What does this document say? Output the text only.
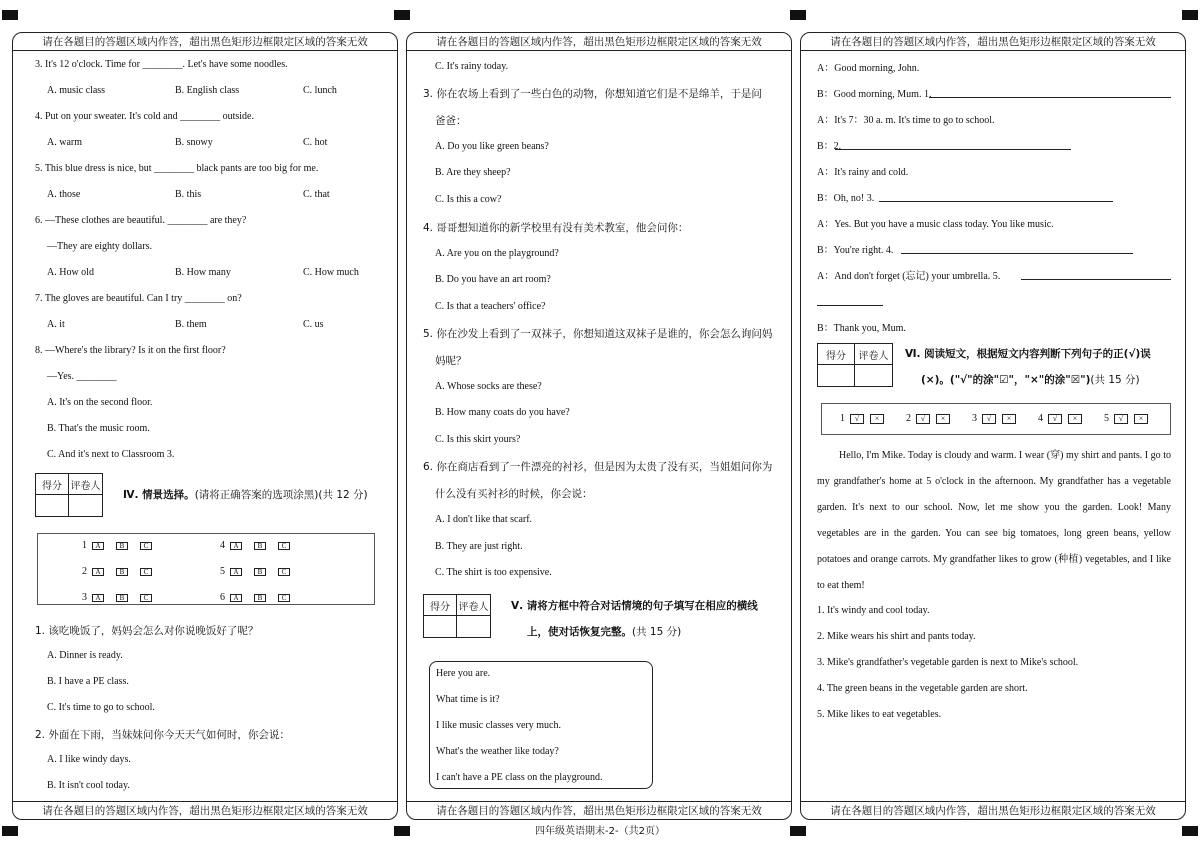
请在各题目的答题区域内作答，超出黑色矩形边框限定区域的答案无效
3. It's 12 o'clock. Time for ________. Let's have some noodles.
A. music class	B. English class	C. lunch
4. Put on your sweater. It's cold and ________ outside.
A. warm	B. snowy	C. hot
5. This blue dress is nice, but ________ black pants are too big for me.
A. those	B. this	C. that
6. —These clothes are beautiful. ________ are they?
—They are eighty dollars.
A. How old	B. How many	C. How much
7. The gloves are beautiful. Can I try ________ on?
A. it	B. them	C. us
8. —Where's the library? Is it on the first floor?
—Yes. ________
A. It's on the second floor.
B. That's the music room.
C. And it's next to Classroom 3.
得分 评卷人
Ⅳ. 情景选择。(请将正确答案的选项涂黑)(共 12 分)
1	A	B	C
2	A	B	C
3	A	B	C
4	A	B	C
5	A	B	C
6	A	B	C
1. 该吃晚饭了，妈妈会怎么对你说晚饭好了呢？
A. Dinner is ready.
B. I have a PE class.
C. It's time to go to school.
2. 外面在下雨，当妹妹问你今天天气如何时，你会说：
A. I like windy days.
B. It isn't cool today.
请在各题目的答题区域内作答，超出黑色矩形边框限定区域的答案无效
请在各题目的答题区域内作答，超出黑色矩形边框限定区域的答案无效
C. It's rainy today.
3. 你在农场上看到了一些白色的动物，你想知道它们是不是绵羊，于是问
爸爸：
A. Do you like green beans?
B. Are they sheep?
C. Is this a cow?
4. 哥哥想知道你的新学校里有没有美术教室，他会问你：
A. Are you on the playground?
B. Do you have an art room?
C. Is that a teachers' office?
5. 你在沙发上看到了一双袜子，你想知道这双袜子是谁的，你会怎么询问妈
妈呢？
A. Whose socks are these?
B. How many coats do you have?
C. Is this skirt yours?
6. 你在商店看到了一件漂亮的衬衫，但是因为太贵了没有买，当姐姐问你为
什么没有买衬衫的时候，你会说：
A. I don't like that scarf.
B. They are just right.
C. The shirt is too expensive.
得分 评卷人 Ⅴ. 请将方框中符合对话情境的句子填写在相应的横线
上，使对话恢复完整。(共 15 分)
Here you are.
What time is it?
I like music classes very much.
What's the weather like today?
I can't have a PE class on the playground.
请在各题目的答题区域内作答，超出黑色矩形边框限定区域的答案无效
请在各题目的答题区域内作答，超出黑色矩形边框限定区域的答案无效
A：Good morning, John.
B：Good morning, Mum. 1.
A：It's 7：30 a. m. It's time to go to school.
B：2.
A：It's rainy and cold.
B：Oh, no! 3.
A：Yes. But you have a music class today. You like music.
B：You're right. 4.
A：And don't forget (忘记) your umbrella. 5.
B：Thank you, Mum.
得分	评卷人	Ⅵ. 阅读短文，根据短文内容判断下列句子的正(√)误
(×)。("√"的涂"☑"，"×"的涂"☒")(共 15 分)
1	√	×	2	√	×	3	√	×	4	√	×	5	√	×
Hello, I'm Mike. Today is cloudy and warm. I wear (穿) my shirt and pants. I go to my grandfather's home at 5 o'clock in the afternoon. My grandfather has a vegetable garden. It's next to our school. Now, let me show you the garden. Look! Many vegetables are in the garden. You can see big tomatoes, long green beans, yellow potatoes and orange carrots. My grandfather likes to grow (种植) vegetables, and I like to eat them!
1. It's windy and cool today.
2. Mike wears his shirt and pants today.
3. Mike's grandfather's vegetable garden is next to Mike's school.
4. The green beans in the vegetable garden are short.
5. Mike likes to eat vegetables.
请在各题目的答题区域内作答，超出黑色矩形边框限定区域的答案无效
四年级英语期末-2-（共2页）
